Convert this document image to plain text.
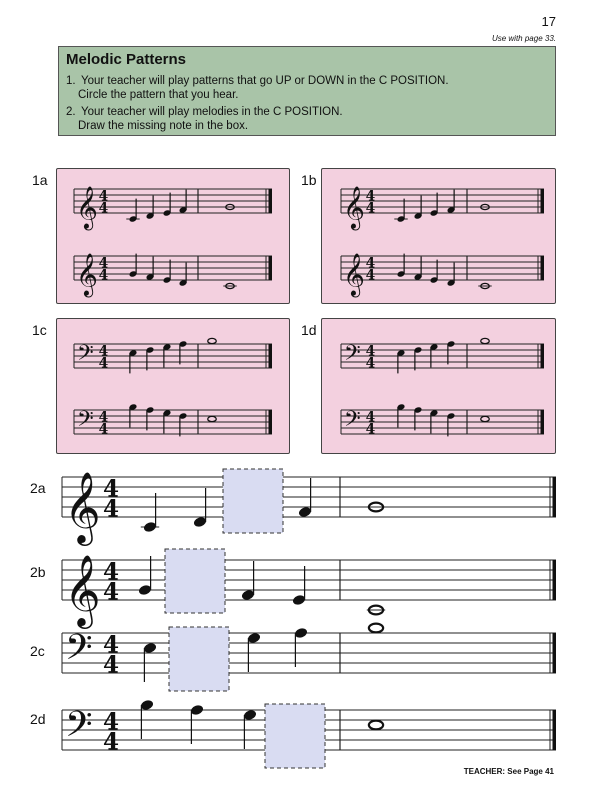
17
Use with page 33.
Melodic Patterns
1. Your teacher will play patterns that go UP or DOWN in the C POSITION.
Circle the pattern that you hear.
2. Your teacher will play melodies in the C POSITION.
Draw the missing note in the box.
1a	1b
1c	1d
2a
2b
2c
2d
𝄞 4
4
𝄞 4
4
𝄞 4
4
𝄞 4
4
𝄢 4
4
𝄢 4
4
𝄢 4
4
𝄢 4
4
𝄞 4
4
𝄞 4
4
𝄢 4
4
𝄢 4
4
TEACHER: See Page 41
